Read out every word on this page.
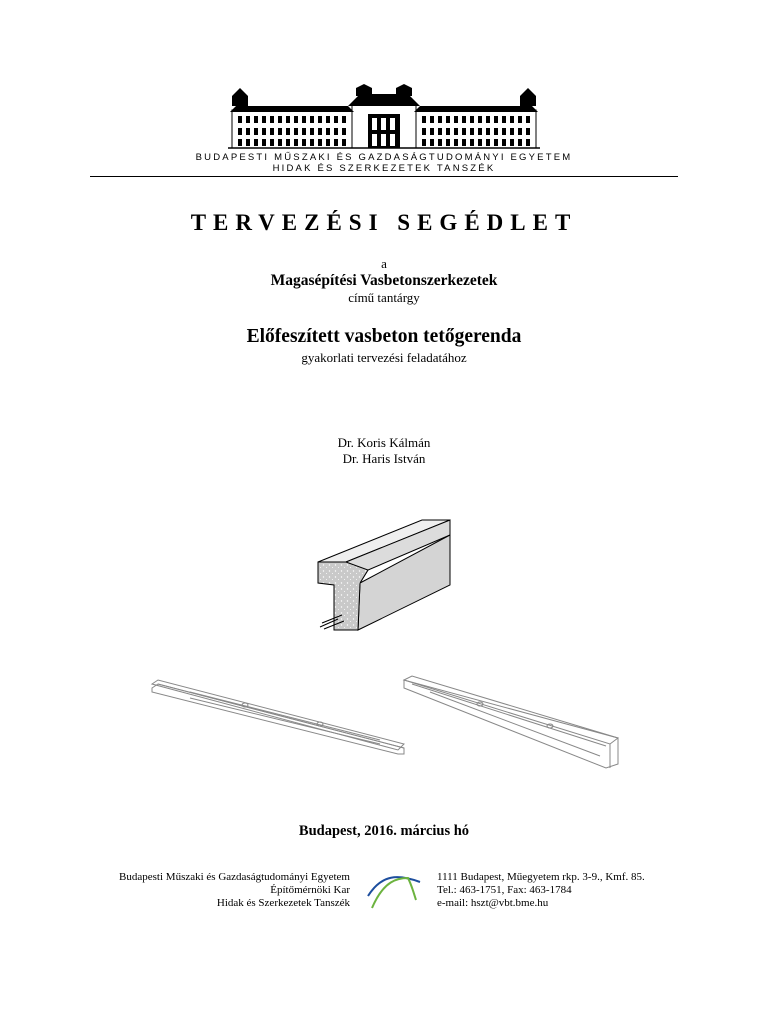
BUDAPESTI MŰSZAKI ÉS GAZDASÁGTUDOMÁNYI EGYETEM
HIDAK ÉS SZERKEZETEK TANSZÉK
TERVEZÉSI SEGÉDLET
a
Magasépítési Vasbetonszerkezetek
című tantárgy
Előfeszített vasbeton tetőgerenda
gyakorlati tervezési feladatához
Dr. Koris Kálmán
Dr. Haris István
Budapest, 2016. március hó
Budapesti Műszaki és Gazdaságtudományi Egyetem
Építőmérnöki Kar
Hidak és Szerkezetek Tanszék
1111 Budapest, Műegyetem rkp. 3-9., Kmf. 85.
Tel.: 463-1751, Fax: 463-1784
e-mail: hszt@vbt.bme.hu
